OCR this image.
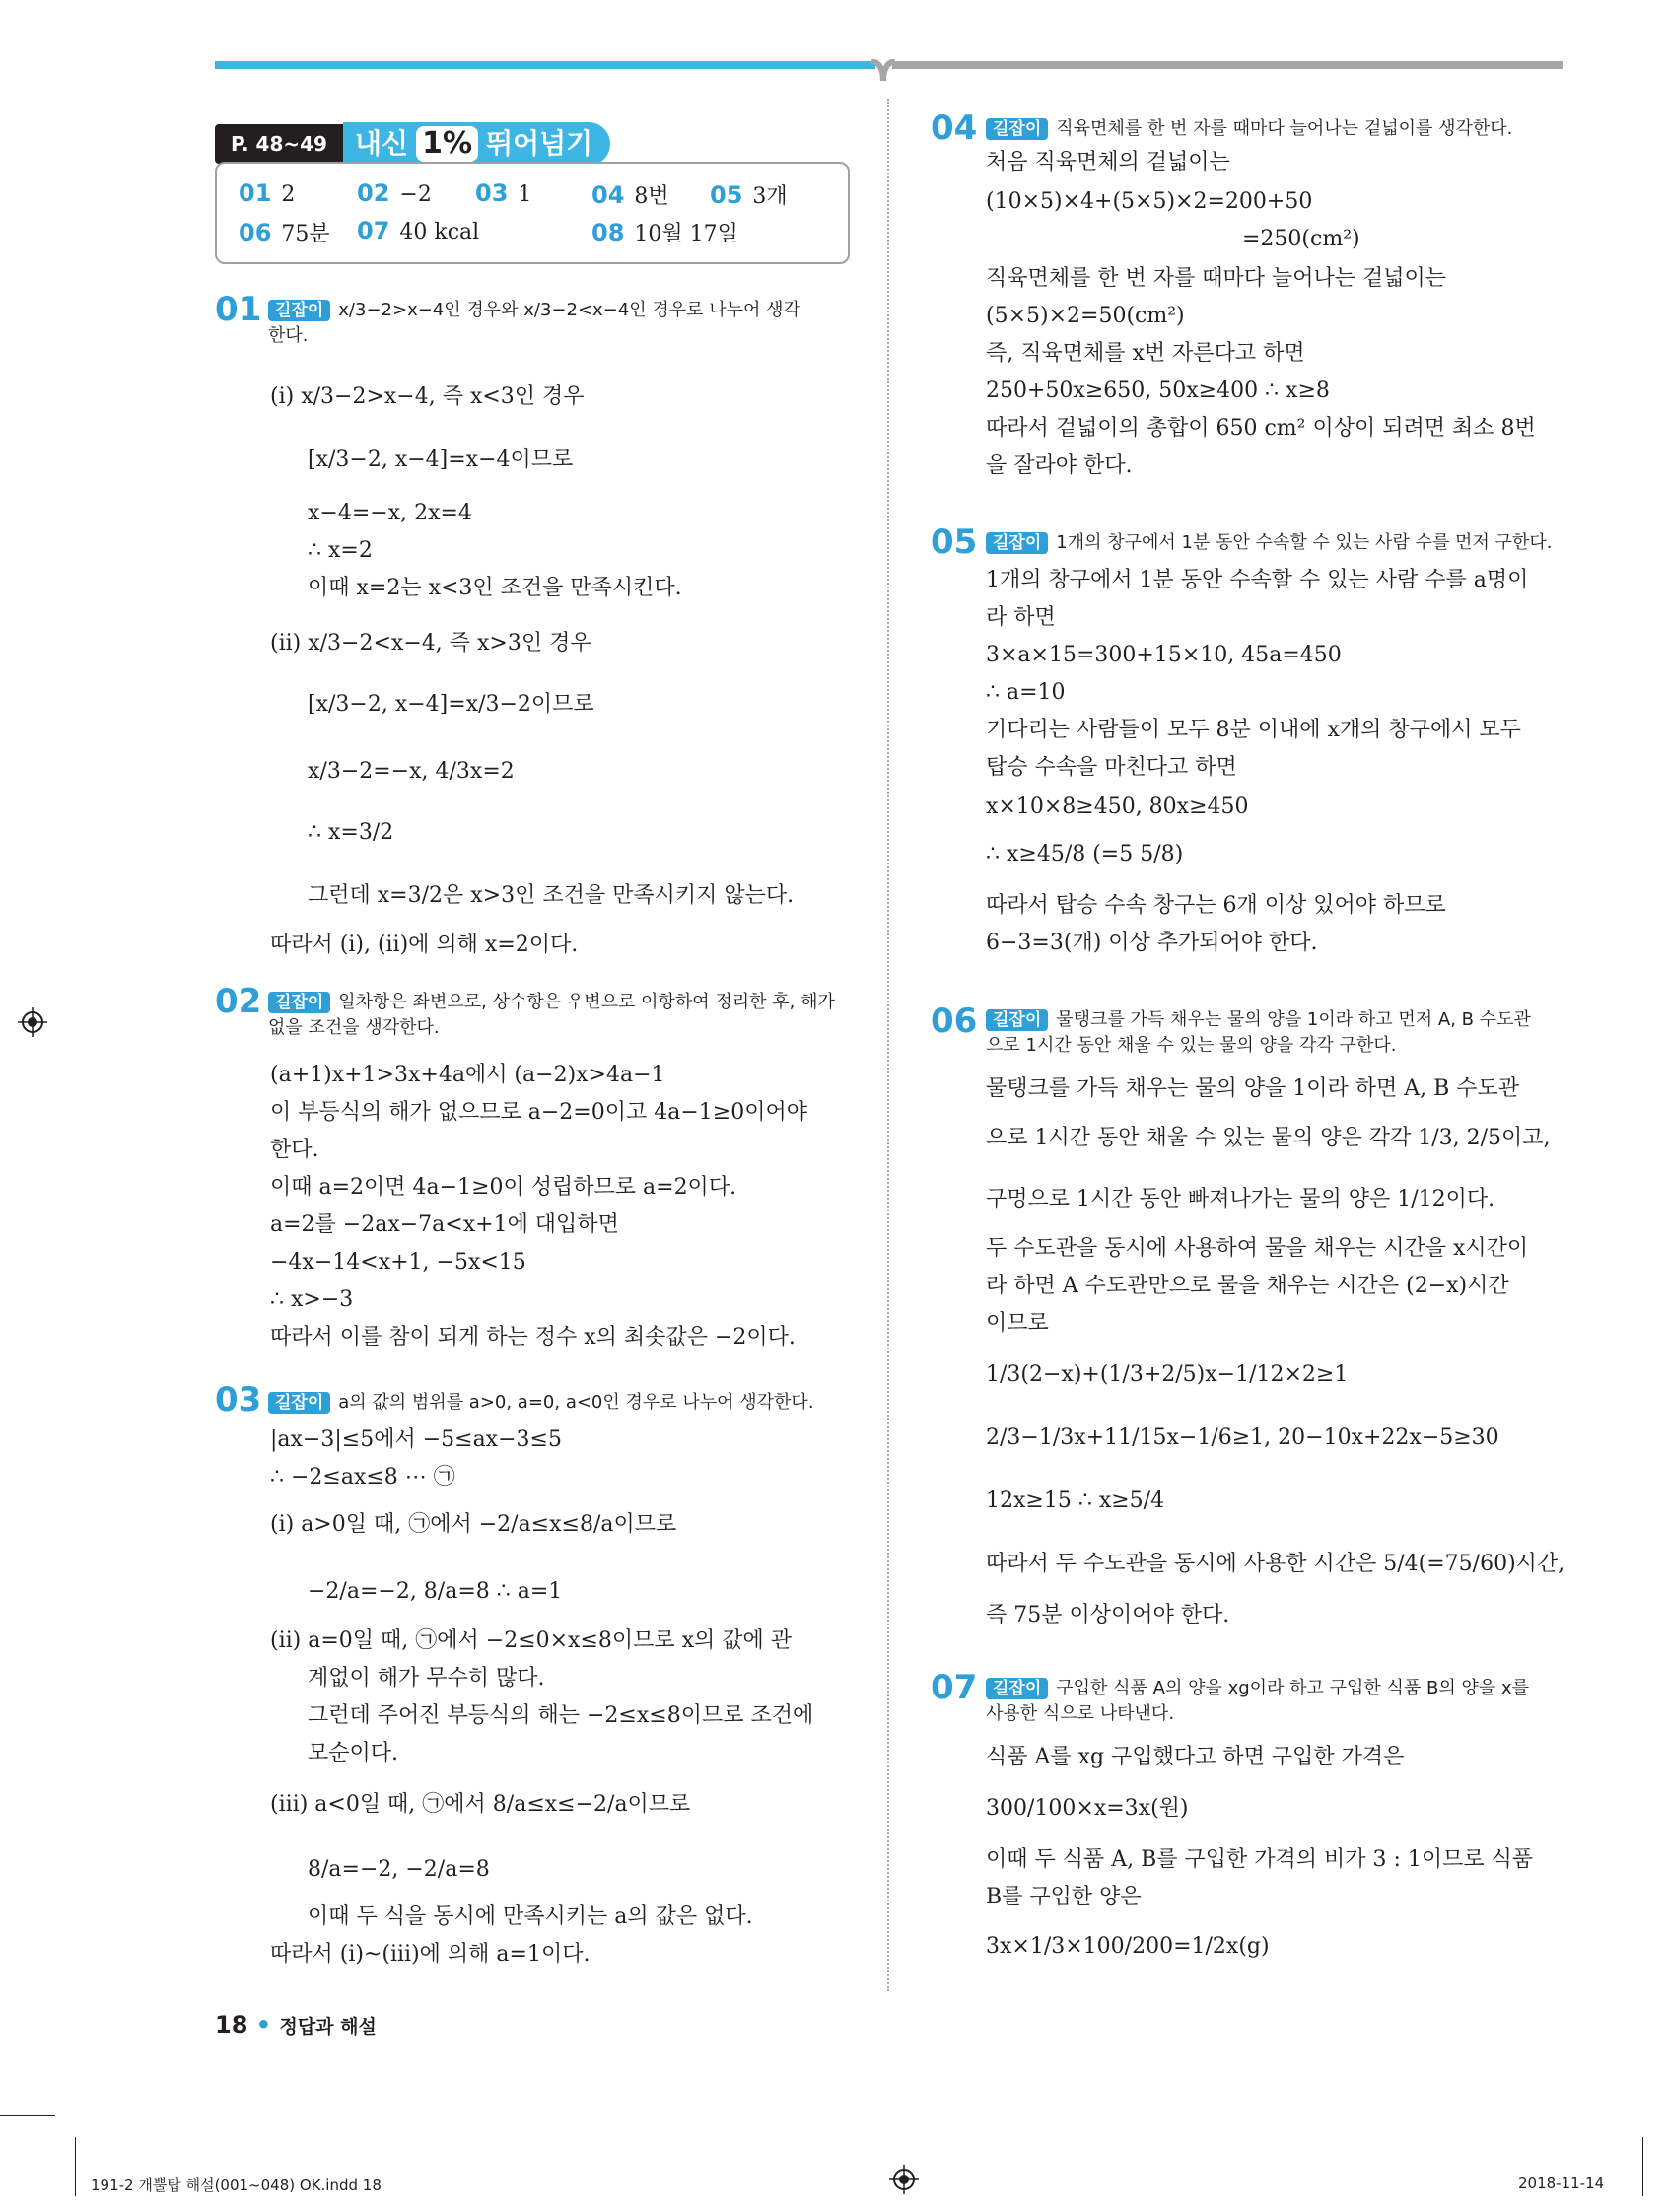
P. 48~49	내신 1% 뛰어넘기
01 2	02 −2 03 1	04 8번 05 3개
06 75분 07 40 kcal	08 10월 17일
01 길잡이 x/3−2>x−4인 경우와 x/3−2<x−4인 경우로 나누어 생각
한다.
(ⅰ) x/3−2>x−4, 즉 x<3인 경우
[x/3−2, x−4]=x−4이므로
x−4=−x, 2x=4
∴ x=2
이때 x=2는 x<3인 조건을 만족시킨다.
(ⅱ) x/3−2<x−4, 즉 x>3인 경우
[x/3−2, x−4]=x/3−2이므로
x/3−2=−x, 4/3x=2
∴ x=3/2
그런데 x=3/2은 x>3인 조건을 만족시키지 않는다.
따라서 (ⅰ), (ⅱ)에 의해 x=2이다.
02 길잡이 일차항은 좌변으로, 상수항은 우변으로 이항하여 정리한 후, 해가
없을 조건을 생각한다.
(a+1)x+1>3x+4a에서 (a−2)x>4a−1
이 부등식의 해가 없으므로 a−2=0이고 4a−1≥0이어야
한다.
이때 a=2이면 4a−1≥0이 성립하므로 a=2이다.
a=2를 −2ax−7a<x+1에 대입하면
−4x−14<x+1, −5x<15
∴ x>−3
따라서 이를 참이 되게 하는 정수 x의 최솟값은 −2이다.
03 길잡이 a의 값의 범위를 a>0, a=0, a<0인 경우로 나누어 생각한다.
|ax−3|≤5에서 −5≤ax−3≤5
∴ −2≤ax≤8 ⋯ ㉠
(ⅰ) a>0일 때, ㉠에서 −2/a≤x≤8/a이므로
−2/a=−2, 8/a=8 ∴ a=1
(ⅱ) a=0일 때, ㉠에서 −2≤0×x≤8이므로 x의 값에 관
계없이 해가 무수히 많다.
그런데 주어진 부등식의 해는 −2≤x≤8이므로 조건에
모순이다.
(ⅲ) a<0일 때, ㉠에서 8/a≤x≤−2/a이므로
8/a=−2, −2/a=8
이때 두 식을 동시에 만족시키는 a의 값은 없다.
따라서 (ⅰ)~(ⅲ)에 의해 a=1이다.
04 길잡이 직육면체를 한 번 자를 때마다 늘어나는 겉넓이를 생각한다.
처음 직육면체의 겉넓이는
(10×5)×4+(5×5)×2=200+50
=250(cm²)
직육면체를 한 번 자를 때마다 늘어나는 겉넓이는
(5×5)×2=50(cm²)
즉, 직육면체를 x번 자른다고 하면
250+50x≥650, 50x≥400 ∴ x≥8
따라서 겉넓이의 총합이 650 cm² 이상이 되려면 최소 8번
을 잘라야 한다.
05 길잡이 1개의 창구에서 1분 동안 수속할 수 있는 사람 수를 먼저 구한다.
1개의 창구에서 1분 동안 수속할 수 있는 사람 수를 a명이
라 하면
3×a×15=300+15×10, 45a=450
∴ a=10
기다리는 사람들이 모두 8분 이내에 x개의 창구에서 모두
탑승 수속을 마친다고 하면
x×10×8≥450, 80x≥450
∴ x≥45/8 (=5 5/8)
따라서 탑승 수속 창구는 6개 이상 있어야 하므로
6−3=3(개) 이상 추가되어야 한다.
06 길잡이 물탱크를 가득 채우는 물의 양을 1이라 하고 먼저 A, B 수도관
으로 1시간 동안 채울 수 있는 물의 양을 각각 구한다.
물탱크를 가득 채우는 물의 양을 1이라 하면 A, B 수도관
으로 1시간 동안 채울 수 있는 물의 양은 각각 1/3, 2/5이고,
구멍으로 1시간 동안 빠져나가는 물의 양은 1/12이다.
두 수도관을 동시에 사용하여 물을 채우는 시간을 x시간이
라 하면 A 수도관만으로 물을 채우는 시간은 (2−x)시간
이므로
1/3(2−x)+(1/3+2/5)x−1/12×2≥1
2/3−1/3x+11/15x−1/6≥1, 20−10x+22x−5≥30
12x≥15 ∴ x≥5/4
따라서 두 수도관을 동시에 사용한 시간은 5/4(=75/60)시간,
즉 75분 이상이어야 한다.
07 길잡이 구입한 식품 A의 양을 xg이라 하고 구입한 식품 B의 양을 x를
사용한 식으로 나타낸다.
식품 A를 xg 구입했다고 하면 구입한 가격은
300/100×x=3x(원)
이때 두 식품 A, B를 구입한 가격의 비가 3 : 1이므로 식품
B를 구입한 양은
3x×1/3×100/200=1/2x(g)
18 • 정답과 해설
191-2 개뿔탑 해설(001~048) OK.indd 18	2018-11-14
